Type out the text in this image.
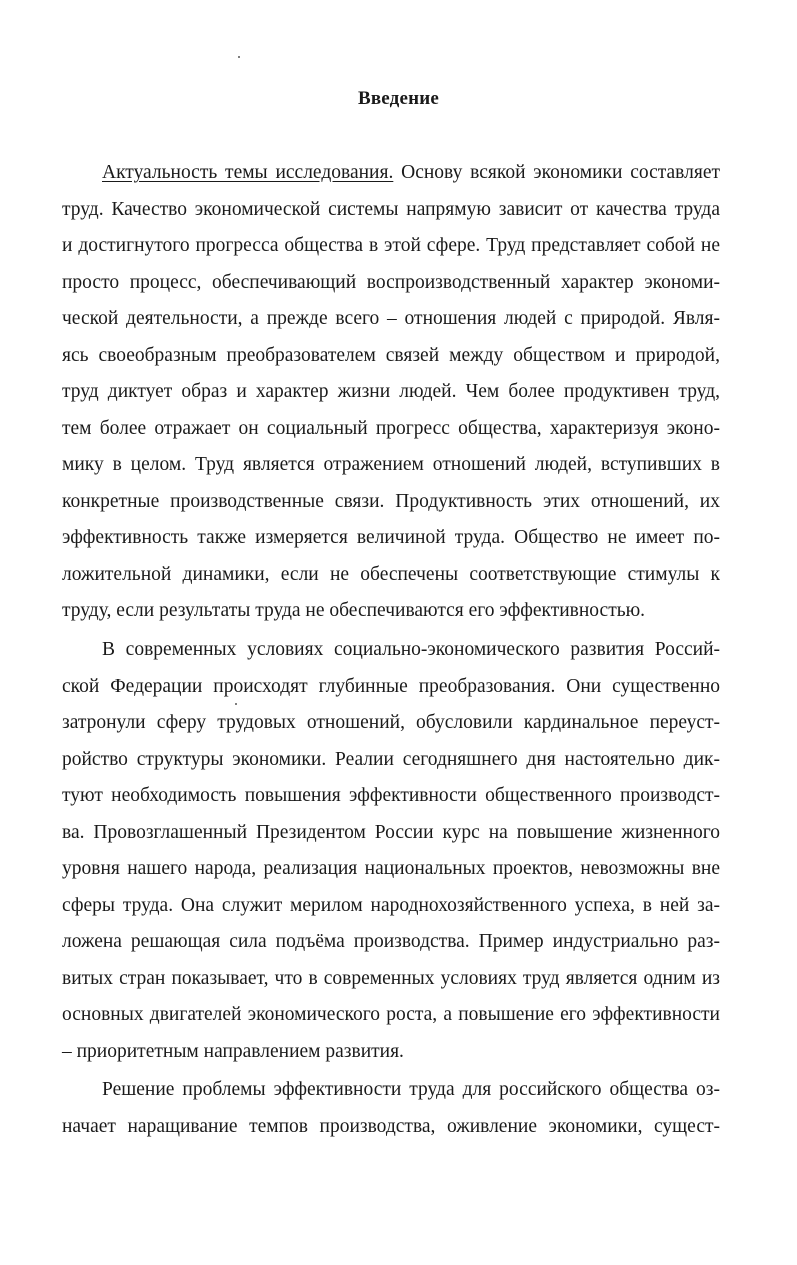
Введение
Актуальность темы исследования. Основу всякой экономики составляет
труд. Качество экономической системы напрямую зависит от качества труда
и достигнутого прогресса общества в этой сфере. Труд представляет собой не
просто процесс, обеспечивающий воспроизводственный характер экономи-
ческой деятельности, а прежде всего – отношения людей с природой. Явля-
ясь своеобразным преобразователем связей между обществом и природой,
труд диктует образ и характер жизни людей. Чем более продуктивен труд,
тем более отражает он социальный прогресс общества, характеризуя эконо-
мику в целом. Труд является отражением отношений людей, вступивших в
конкретные производственные связи. Продуктивность этих отношений, их
эффективность также измеряется величиной труда. Общество не имеет по-
ложительной динамики, если не обеспечены соответствующие стимулы к
труду, если результаты труда не обеспечиваются его эффективностью.
В современных условиях социально-экономического развития Россий-
ской Федерации происходят глубинные преобразования. Они существенно
затронули сферу трудовых отношений, обусловили кардинальное переуст-
ройство структуры экономики. Реалии сегодняшнего дня настоятельно дик-
туют необходимость повышения эффективности общественного производст-
ва. Провозглашенный Президентом России курс на повышение жизненного
уровня нашего народа, реализация национальных проектов, невозможны вне
сферы труда. Она служит мерилом народнохозяйственного успеха, в ней за-
ложена решающая сила подъёма производства. Пример индустриально раз-
витых стран показывает, что в современных условиях труд является одним из
основных двигателей экономического роста, а повышение его эффективности
– приоритетным направлением развития.
Решение проблемы эффективности труда для российского общества оз-
начает наращивание темпов производства, оживление экономики, сущест-
